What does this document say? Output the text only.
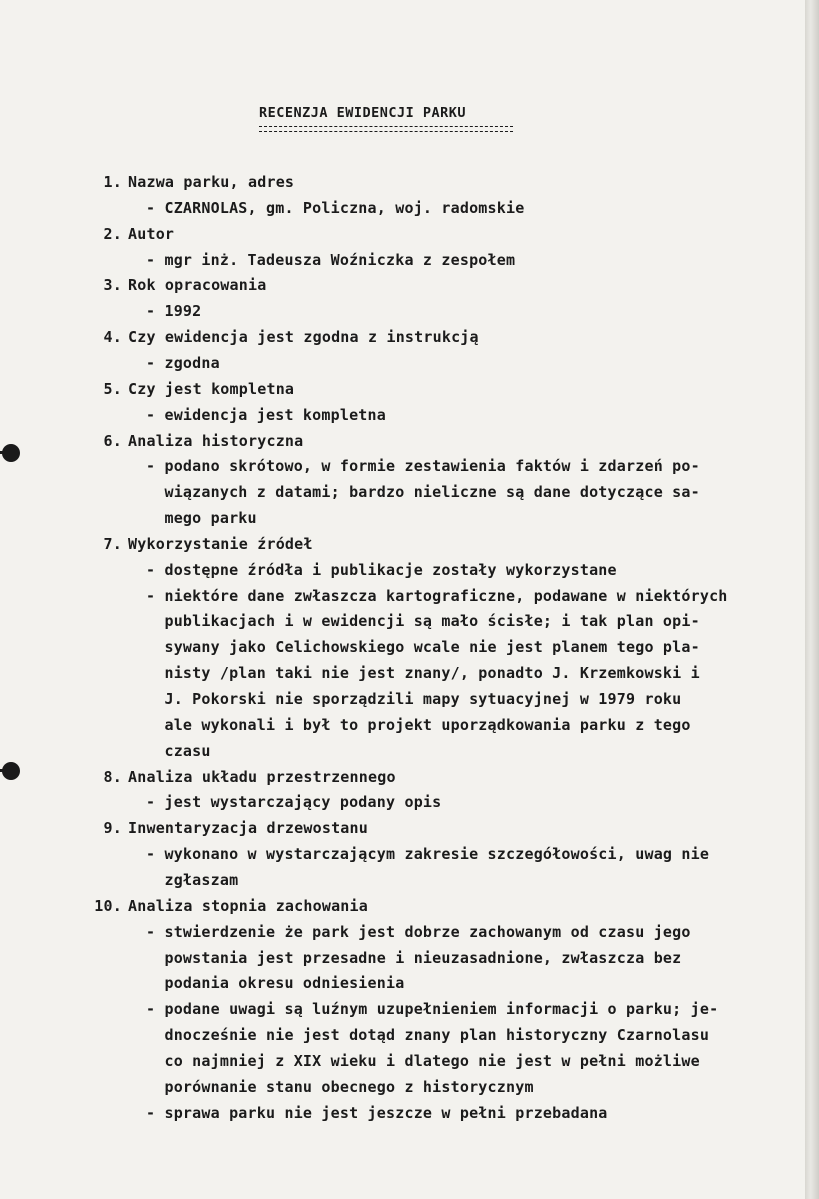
RECENZJA EWIDENCJI PARKU
1. Nazwa parku, adres
- CZARNOLAS, gm. Policzna, woj. radomskie
2. Autor
- mgr inż. Tadeusza Woźniczka z zespołem
3. Rok opracowania
- 1992
4. Czy ewidencja jest zgodna z instrukcją
- zgodna
5. Czy jest kompletna
- ewidencja jest kompletna
6. Analiza historyczna
- podano skrótowo, w formie zestawienia faktów i zdarzeń po-
wiązanych z datami; bardzo nieliczne są dane dotyczące sa-
mego parku
7. Wykorzystanie źródeł
- dostępne źródła i publikacje zostały wykorzystane
- niektóre dane zwłaszcza kartograficzne, podawane w niektórych
publikacjach i w ewidencji są mało ścisłe; i tak plan opi-
sywany jako Celichowskiego wcale nie jest planem tego pla-
nisty /plan taki nie jest znany/, ponadto J. Krzemkowski i
J. Pokorski nie sporządzili mapy sytuacyjnej w 1979 roku
ale wykonali i był to projekt uporządkowania parku z tego
czasu
8. Analiza układu przestrzennego
- jest wystarczający podany opis
9. Inwentaryzacja drzewostanu
- wykonano w wystarczającym zakresie szczegółowości, uwag nie
zgłaszam
10. Analiza stopnia zachowania
- stwierdzenie że park jest dobrze zachowanym od czasu jego
powstania jest przesadne i nieuzasadnione, zwłaszcza bez
podania okresu odniesienia
- podane uwagi są luźnym uzupełnieniem informacji o parku; je-
dnocześnie nie jest dotąd znany plan historyczny Czarnolasu
co najmniej z XIX wieku i dlatego nie jest w pełni możliwe
porównanie stanu obecnego z historycznym
- sprawa parku nie jest jeszcze w pełni przebadana
